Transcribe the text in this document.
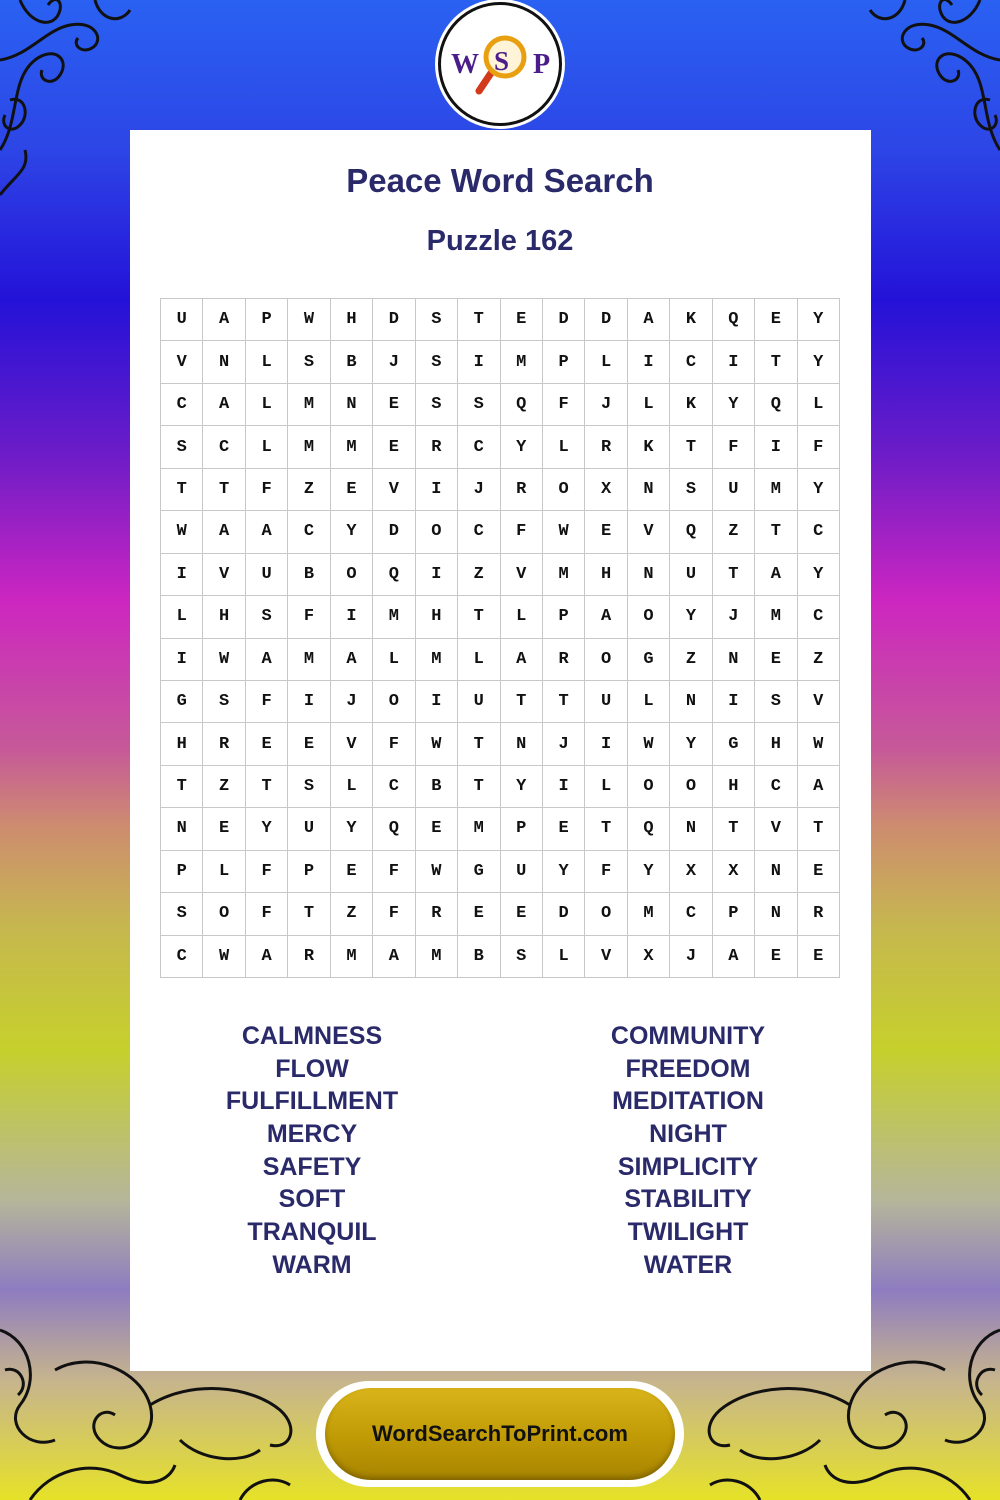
W S P
Peace Word Search
Puzzle 162
U	A	P	W	H	D	S	T	E	D	D	A	K	Q	E	Y
V	N	L	S	B	J	S	I	M	P	L	I	C	I	T	Y
C	A	L	M	N	E	S	S	Q	F	J	L	K	Y	Q	L
S	C	L	M	M	E	R	C	Y	L	R	K	T	F	I	F
T	T	F	Z	E	V	I	J	R	O	X	N	S	U	M	Y
W	A	A	C	Y	D	O	C	F	W	E	V	Q	Z	T	C
I	V	U	B	O	Q	I	Z	V	M	H	N	U	T	A	Y
L	H	S	F	I	M	H	T	L	P	A	O	Y	J	M	C
I	W	A	M	A	L	M	L	A	R	O	G	Z	N	E	Z
G	S	F	I	J	O	I	U	T	T	U	L	N	I	S	V
H	R	E	E	V	F	W	T	N	J	I	W	Y	G	H	W
T	Z	T	S	L	C	B	T	Y	I	L	O	O	H	C	A
N	E	Y	U	Y	Q	E	M	P	E	T	Q	N	T	V	T
P	L	F	P	E	F	W	G	U	Y	F	Y	X	X	N	E
S	O	F	T	Z	F	R	E	E	D	O	M	C	P	N	R
C	W	A	R	M	A	M	B	S	L	V	X	J	A	E	E
CALMNESS
FLOW
FULFILLMENT
MERCY
SAFETY
SOFT
TRANQUIL
WARM
COMMUNITY
FREEDOM
MEDITATION
NIGHT
SIMPLICITY
STABILITY
TWILIGHT
WATER
WordSearchToPrint.com
